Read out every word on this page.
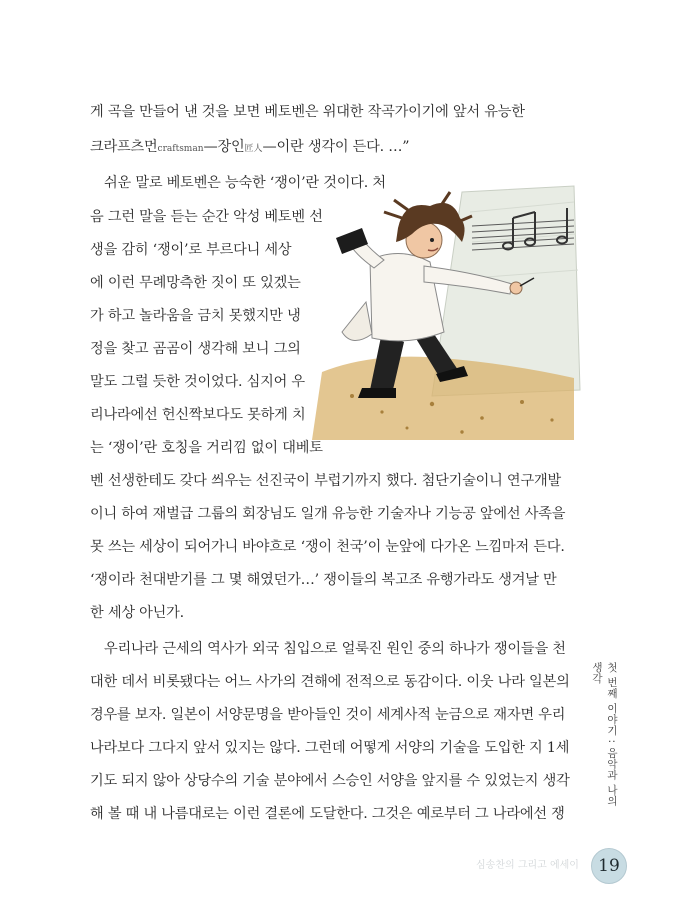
게 곡을 만들어 낸 것을 보면 베토벤은 위대한 작곡가이기에 앞서 유능한
크라프츠먼craftsman—장인匠人—이란 생각이 든다. …”
쉬운 말로 베토벤은 능숙한 ‘쟁이’란 것이다. 처
음 그런 말을 듣는 순간 악성 베토벤 선
생을 감히 ‘쟁이’로 부르다니 세상
에 이런 무례망측한 짓이 또 있겠는
가 하고 놀라움을 금치 못했지만 냉
정을 찾고 곰곰이 생각해 보니 그의
말도 그럴 듯한 것이었다. 심지어 우
리나라에선 헌신짝보다도 못하게 치
는 ‘쟁이’란 호칭을 거리낌 없이 대베토
벤 선생한테도 갖다 씌우는 선진국이 부럽기까지 했다. 첨단기술이니 연구개발
이니 하여 재벌급 그룹의 회장님도 일개 유능한 기술자나 기능공 앞에선 사족을
못 쓰는 세상이 되어가니 바야흐로 ‘쟁이 천국’이 눈앞에 다가온 느낌마저 든다.
‘쟁이라 천대받기를 그 몇 해였던가…’ 쟁이들의 복고조 유행가라도 생겨날 만
한 세상 아닌가.
우리나라 근세의 역사가 외국 침입으로 얼룩진 원인 중의 하나가 쟁이들을 천
대한 데서 비롯됐다는 어느 사가의 견해에 전적으로 동감이다. 이웃 나라 일본의
경우를 보자. 일본이 서양문명을 받아들인 것이 세계사적 눈금으로 재자면 우리
나라보다 그다지 앞서 있지는 않다. 그런데 어떻게 서양의 기술을 도입한 지 1세
기도 되지 않아 상당수의 기술 분야에서 스승인 서양을 앞지를 수 있었는지 생각
해 볼 때 내 나름대로는 이런 결론에 도달한다. 그것은 예로부터 그 나라에선 쟁
첫 번째 이야기 : 음악과 나의 생각
심송찬의 그리고 에세이	19
